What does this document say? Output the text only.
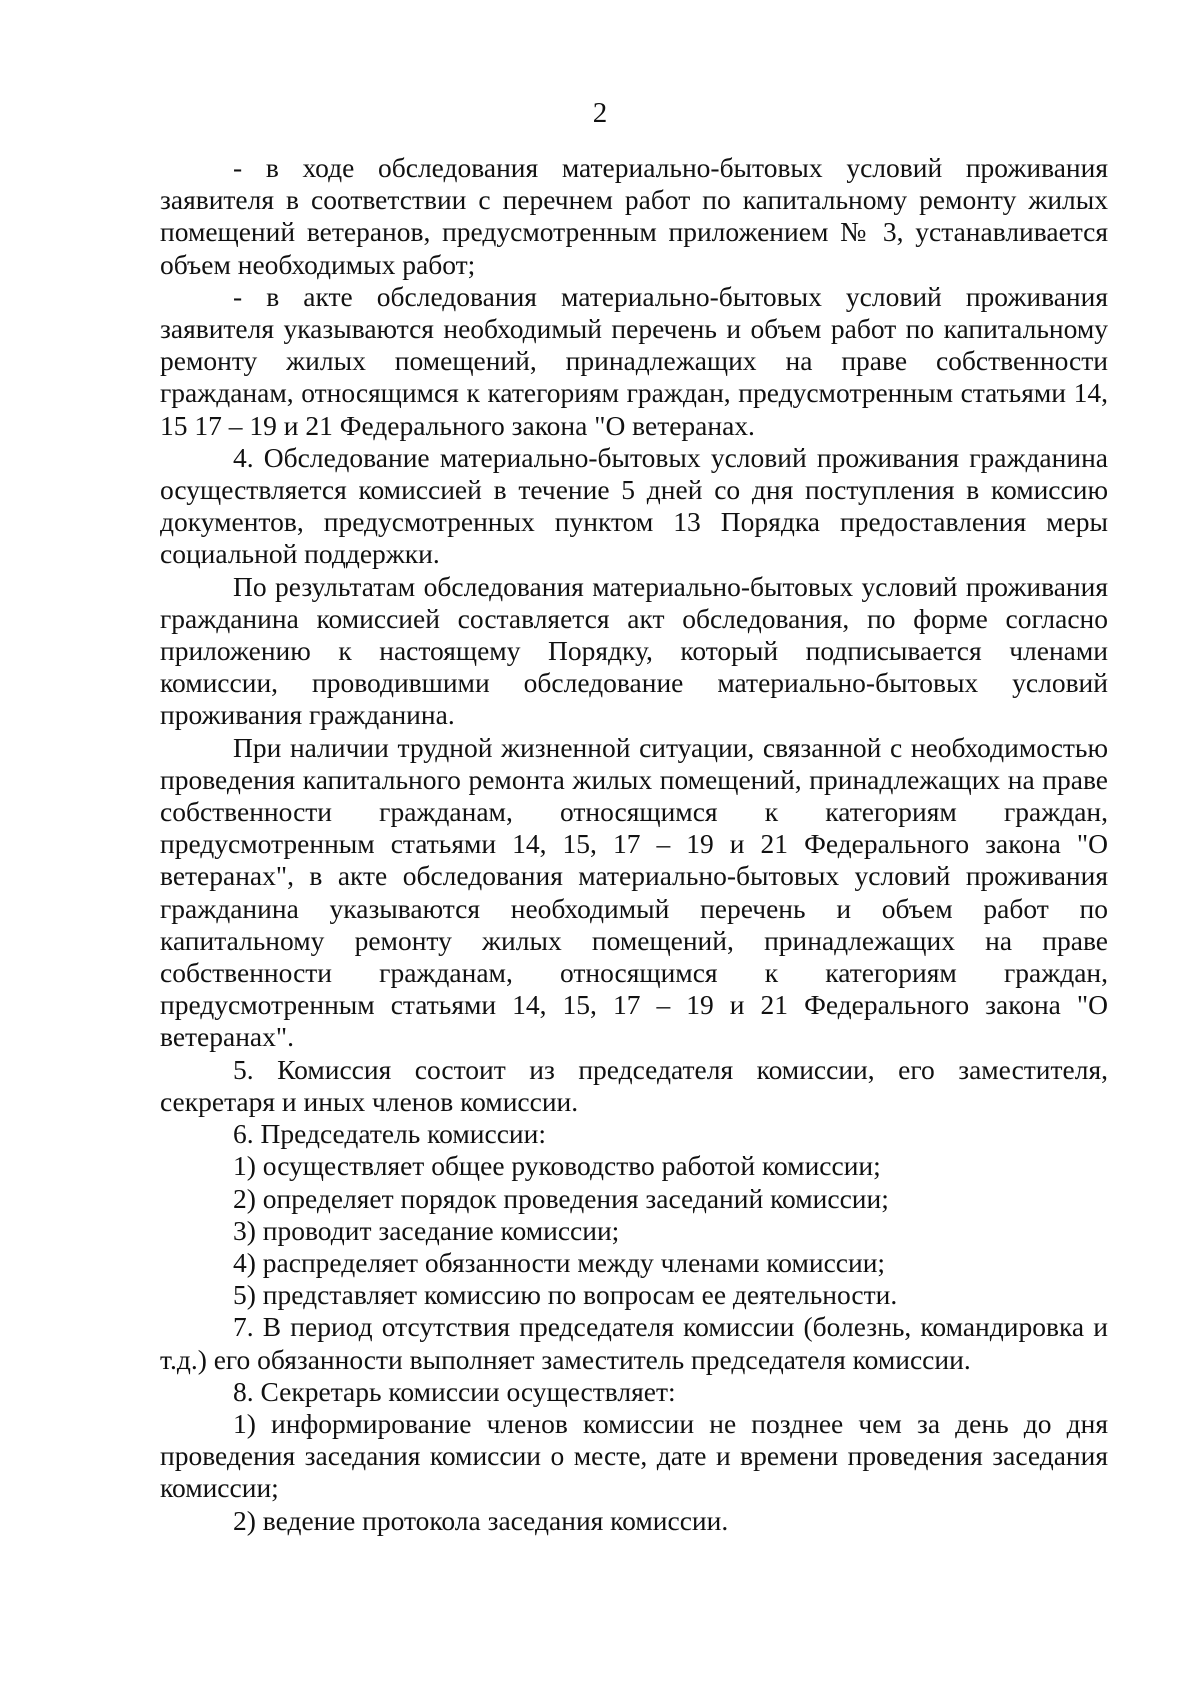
2

- в ходе обследования материально-бытовых условий проживания заявителя в соответствии с перечнем работ по капитальному ремонту жилых помещений ветеранов, предусмотренным приложением № 3, устанавливается объем необходимых работ;

- в акте обследования материально-бытовых условий проживания заявителя указываются необходимый перечень и объем работ по капитальному ремонту жилых помещений, принадлежащих на праве собственности гражданам, относящимся к категориям граждан, предусмотренным статьями 14, 15 17 – 19 и 21 Федерального закона "О ветеранах.

4. Обследование материально-бытовых условий проживания гражданина осуществляется комиссией в течение 5 дней со дня поступления в комиссию документов, предусмотренных пунктом 13 Порядка предоставления меры социальной поддержки.

По результатам обследования материально-бытовых условий проживания гражданина комиссией составляется акт обследования, по форме согласно приложению к настоящему Порядку, который подписывается членами комиссии, проводившими обследование материально-бытовых условий проживания гражданина.

При наличии трудной жизненной ситуации, связанной с необходимостью проведения капитального ремонта жилых помещений, принадлежащих на праве собственности гражданам, относящимся к категориям граждан, предусмотренным статьями 14, 15, 17 – 19 и 21 Федерального закона "О ветеранах", в акте обследования материально-бытовых условий проживания гражданина указываются необходимый перечень и объем работ по капитальному ремонту жилых помещений, принадлежащих на праве собственности гражданам, относящимся к категориям граждан, предусмотренным статьями 14, 15, 17 – 19 и 21 Федерального закона "О ветеранах".

5. Комиссия состоит из председателя комиссии, его заместителя, секретаря и иных членов комиссии.

6. Председатель комиссии:

1) осуществляет общее руководство работой комиссии;

2) определяет порядок проведения заседаний комиссии;

3) проводит заседание комиссии;

4) распределяет обязанности между членами комиссии;

5) представляет комиссию по вопросам ее деятельности.

7. В период отсутствия председателя комиссии (болезнь, командировка и т.д.) его обязанности выполняет заместитель председателя комиссии.

8. Секретарь комиссии осуществляет:

1) информирование членов комиссии не позднее чем за день до дня проведения заседания комиссии о месте, дате и времени проведения заседания комиссии;

2) ведение протокола заседания комиссии.
